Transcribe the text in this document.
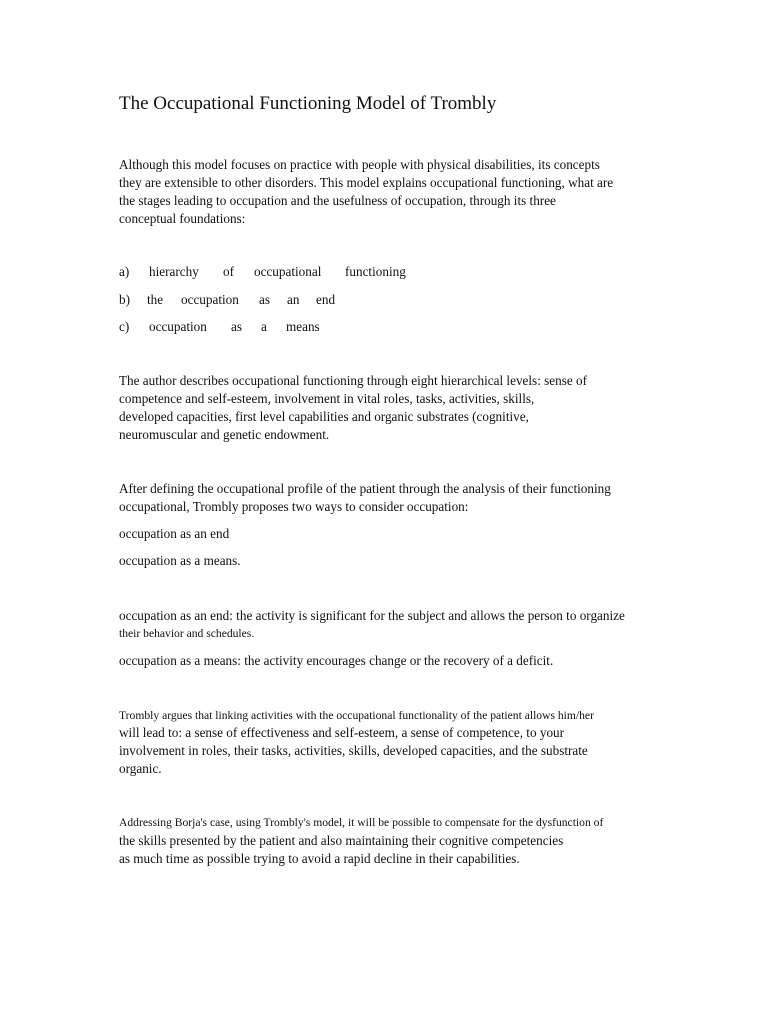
The Occupational Functioning Model of Trombly
Although this model focuses on practice with people with physical disabilities, its concepts
they are extensible to other disorders. This model explains occupational functioning, what are
the stages leading to occupation and the usefulness of occupation, through its three
conceptual foundations:
a) hierarchy of occupational functioning
b) the occupation as an end
c) occupation as a means
The author describes occupational functioning through eight hierarchical levels: sense of
competence and self-esteem, involvement in vital roles, tasks, activities, skills,
developed capacities, first level capabilities and organic substrates (cognitive,
neuromuscular and genetic endowment.
After defining the occupational profile of the patient through the analysis of their functioning
occupational, Trombly proposes two ways to consider occupation:
occupation as an end
occupation as a means.
occupation as an end: the activity is significant for the subject and allows the person to organize
their behavior and schedules.
occupation as a means: the activity encourages change or the recovery of a deficit.
Trombly argues that linking activities with the occupational functionality of the patient allows him/her
will lead to: a sense of effectiveness and self-esteem, a sense of competence, to your
involvement in roles, their tasks, activities, skills, developed capacities, and the substrate
organic.
Addressing Borja's case, using Trombly's model, it will be possible to compensate for the dysfunction of
the skills presented by the patient and also maintaining their cognitive competencies
as much time as possible trying to avoid a rapid decline in their capabilities.
